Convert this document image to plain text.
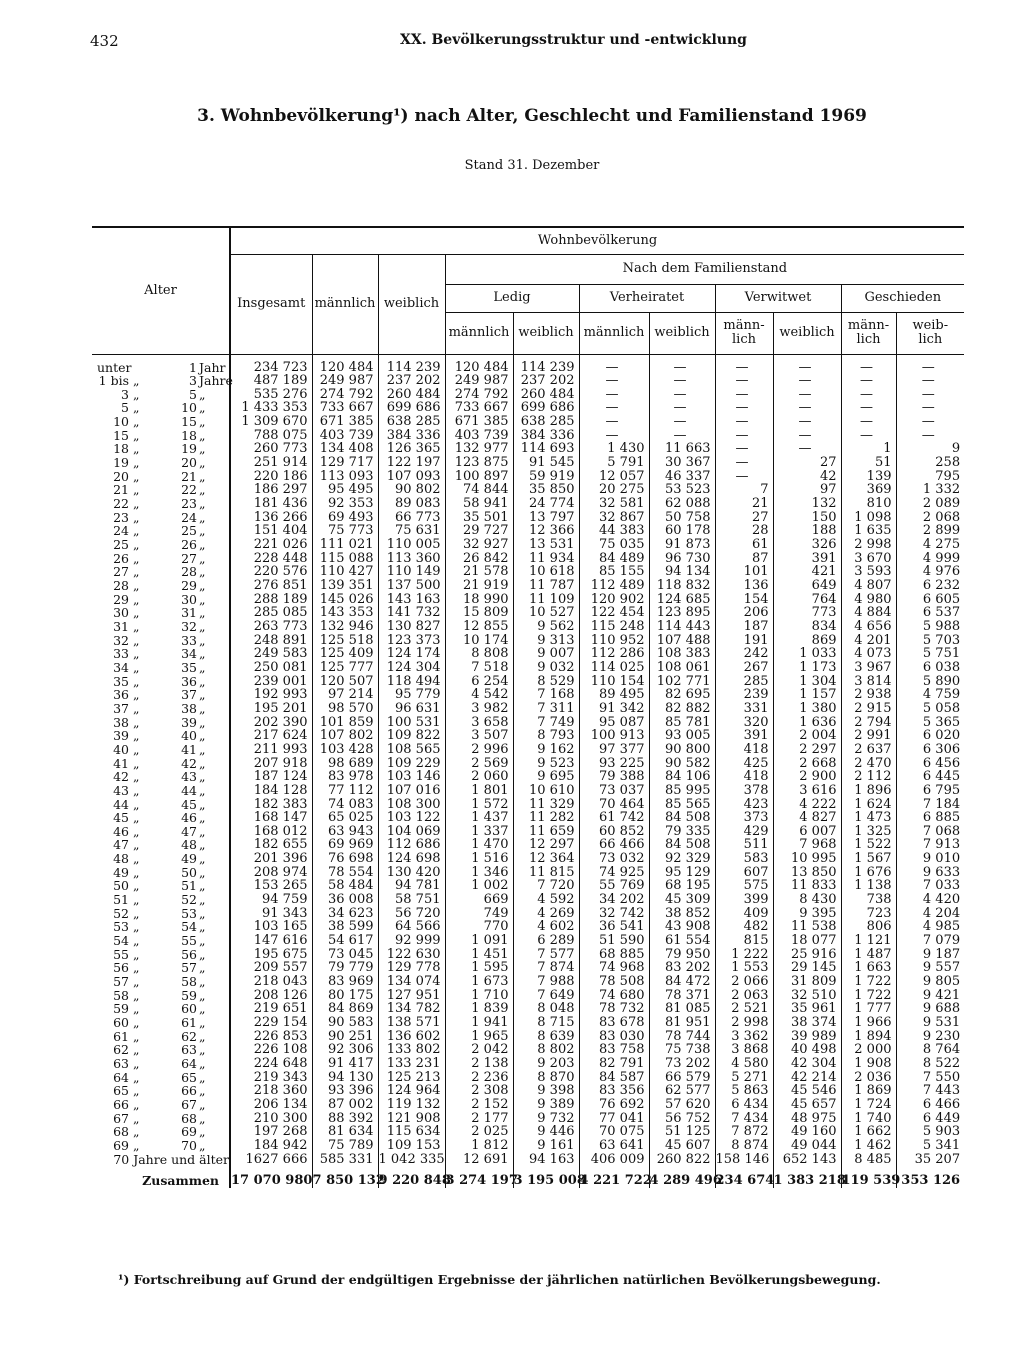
432	XX. Bevölkerungsstruktur und -entwicklung
3. Wohnbevölkerung¹) nach Alter, Geschlecht und Familienstand 1969
Stand 31. Dezember
Alter	Wohnbevölkerung										
	Insgesamt	männlich	weiblich	Nach dem Familienstand							
				Ledig		Verheiratet		Verwitwet		Geschieden	
				männlich	weiblich	männlich	weiblich	männ-lich	weiblich	männ-lich	weib-lich
unter 1 Jahr	234 723	120 484	114 239	120 484	114 239	—	—	—	—	—	—
1 bis „ 3 Jahre	487 189	249 987	237 202	249 987	237 202	—	—	—	—	—	—
3 „ 5 „	535 276	274 792	260 484	274 792	260 484	—	—	—	—	—	—
5 „ 10 „	1 433 353	733 667	699 686	733 667	699 686	—	—	—	—	—	—
10 „ 15 „	1 309 670	671 385	638 285	671 385	638 285	—	—	—	—	—	—
15 „ 18 „	788 075	403 739	384 336	403 739	384 336	—	—	—	—	—	—
18 „ 19 „	260 773	134 408	126 365	132 977	114 693	1 430	11 663	—	—	1	9
19 „ 20 „	251 914	129 717	122 197	123 875	91 545	5 791	30 367	—	27	51	258
20 „ 21 „	220 186	113 093	107 093	100 897	59 919	12 057	46 337	—	42	139	795
21 „ 22 „	186 297	95 495	90 802	74 844	35 850	20 275	53 523	7	97	369	1 332
22 „ 23 „	181 436	92 353	89 083	58 941	24 774	32 581	62 088	21	132	810	2 089
23 „ 24 „	136 266	69 493	66 773	35 501	13 797	32 867	50 758	27	150	1 098	2 068
24 „ 25 „	151 404	75 773	75 631	29 727	12 366	44 383	60 178	28	188	1 635	2 899
25 „ 26 „	221 026	111 021	110 005	32 927	13 531	75 035	91 873	61	326	2 998	4 275
26 „ 27 „	228 448	115 088	113 360	26 842	11 934	84 489	96 730	87	391	3 670	4 999
27 „ 28 „	220 576	110 427	110 149	21 578	10 618	85 155	94 134	101	421	3 593	4 976
28 „ 29 „	276 851	139 351	137 500	21 919	11 787	112 489	118 832	136	649	4 807	6 232
29 „ 30 „	288 189	145 026	143 163	18 990	11 109	120 902	124 685	154	764	4 980	6 605
30 „ 31 „	285 085	143 353	141 732	15 809	10 527	122 454	123 895	206	773	4 884	6 537
31 „ 32 „	263 773	132 946	130 827	12 855	9 562	115 248	114 443	187	834	4 656	5 988
32 „ 33 „	248 891	125 518	123 373	10 174	9 313	110 952	107 488	191	869	4 201	5 703
33 „ 34 „	249 583	125 409	124 174	8 808	9 007	112 286	108 383	242	1 033	4 073	5 751
34 „ 35 „	250 081	125 777	124 304	7 518	9 032	114 025	108 061	267	1 173	3 967	6 038
35 „ 36 „	239 001	120 507	118 494	6 254	8 529	110 154	102 771	285	1 304	3 814	5 890
36 „ 37 „	192 993	97 214	95 779	4 542	7 168	89 495	82 695	239	1 157	2 938	4 759
37 „ 38 „	195 201	98 570	96 631	3 982	7 311	91 342	82 882	331	1 380	2 915	5 058
38 „ 39 „	202 390	101 859	100 531	3 658	7 749	95 087	85 781	320	1 636	2 794	5 365
39 „ 40 „	217 624	107 802	109 822	3 507	8 793	100 913	93 005	391	2 004	2 991	6 020
40 „ 41 „	211 993	103 428	108 565	2 996	9 162	97 377	90 800	418	2 297	2 637	6 306
41 „ 42 „	207 918	98 689	109 229	2 569	9 523	93 225	90 582	425	2 668	2 470	6 456
42 „ 43 „	187 124	83 978	103 146	2 060	9 695	79 388	84 106	418	2 900	2 112	6 445
43 „ 44 „	184 128	77 112	107 016	1 801	10 610	73 037	85 995	378	3 616	1 896	6 795
44 „ 45 „	182 383	74 083	108 300	1 572	11 329	70 464	85 565	423	4 222	1 624	7 184
45 „ 46 „	168 147	65 025	103 122	1 437	11 282	61 742	84 508	373	4 827	1 473	6 885
46 „ 47 „	168 012	63 943	104 069	1 337	11 659	60 852	79 335	429	6 007	1 325	7 068
47 „ 48 „	182 655	69 969	112 686	1 470	12 297	66 466	84 508	511	7 968	1 522	7 913
48 „ 49 „	201 396	76 698	124 698	1 516	12 364	73 032	92 329	583	10 995	1 567	9 010
49 „ 50 „	208 974	78 554	130 420	1 346	11 815	74 925	95 129	607	13 850	1 676	9 633
50 „ 51 „	153 265	58 484	94 781	1 002	7 720	55 769	68 195	575	11 833	1 138	7 033
51 „ 52 „	94 759	36 008	58 751	669	4 592	34 202	45 309	399	8 430	738	4 420
52 „ 53 „	91 343	34 623	56 720	749	4 269	32 742	38 852	409	9 395	723	4 204
53 „ 54 „	103 165	38 599	64 566	770	4 602	36 541	43 908	482	11 538	806	4 985
54 „ 55 „	147 616	54 617	92 999	1 091	6 289	51 590	61 554	815	18 077	1 121	7 079
55 „ 56 „	195 675	73 045	122 630	1 451	7 577	68 885	79 950	1 222	25 916	1 487	9 187
56 „ 57 „	209 557	79 779	129 778	1 595	7 874	74 968	83 202	1 553	29 145	1 663	9 557
57 „ 58 „	218 043	83 969	134 074	1 673	7 988	78 508	84 472	2 066	31 809	1 722	9 805
58 „ 59 „	208 126	80 175	127 951	1 710	7 649	74 680	78 371	2 063	32 510	1 722	9 421
59 „ 60 „	219 651	84 869	134 782	1 839	8 048	78 732	81 085	2 521	35 961	1 777	9 688
60 „ 61 „	229 154	90 583	138 571	1 941	8 715	83 678	81 951	2 998	38 374	1 966	9 531
61 „ 62 „	226 853	90 251	136 602	1 965	8 639	83 030	78 744	3 362	39 989	1 894	9 230
62 „ 63 „	226 108	92 306	133 802	2 042	8 802	83 758	75 738	3 868	40 498	2 000	8 764
63 „ 64 „	224 648	91 417	133 231	2 138	9 203	82 791	73 202	4 580	42 304	1 908	8 522
64 „ 65 „	219 343	94 130	125 213	2 236	8 870	84 587	66 579	5 271	42 214	2 036	7 550
65 „ 66 „	218 360	93 396	124 964	2 308	9 398	83 356	62 577	5 863	45 546	1 869	7 443
66 „ 67 „	206 134	87 002	119 132	2 152	9 389	76 692	57 620	6 434	45 657	1 724	6 466
67 „ 68 „	210 300	88 392	121 908	2 177	9 732	77 041	56 752	7 434	48 975	1 740	6 449
68 „ 69 „	197 268	81 634	115 634	2 025	9 446	70 075	51 125	7 872	49 160	1 662	5 903
69 „ 70 „	184 942	75 789	109 153	1 812	9 161	63 641	45 607	8 874	49 044	1 462	5 341
70 Jahre und älter	1627 666	585 331	1 042 335	12 691	94 163	406 009	260 822	158 146	652 143	8 485	35 207
Zusammen	17 070 980	7 850 132	9 220 848	3 274 197	3 195 008	4 221 722	4 289 496	234 674	1 383 218	119 539	353 126
¹) Fortschreibung auf Grund der endgültigen Ergebnisse der jährlichen natürlichen Bevölkerungsbewegung.
